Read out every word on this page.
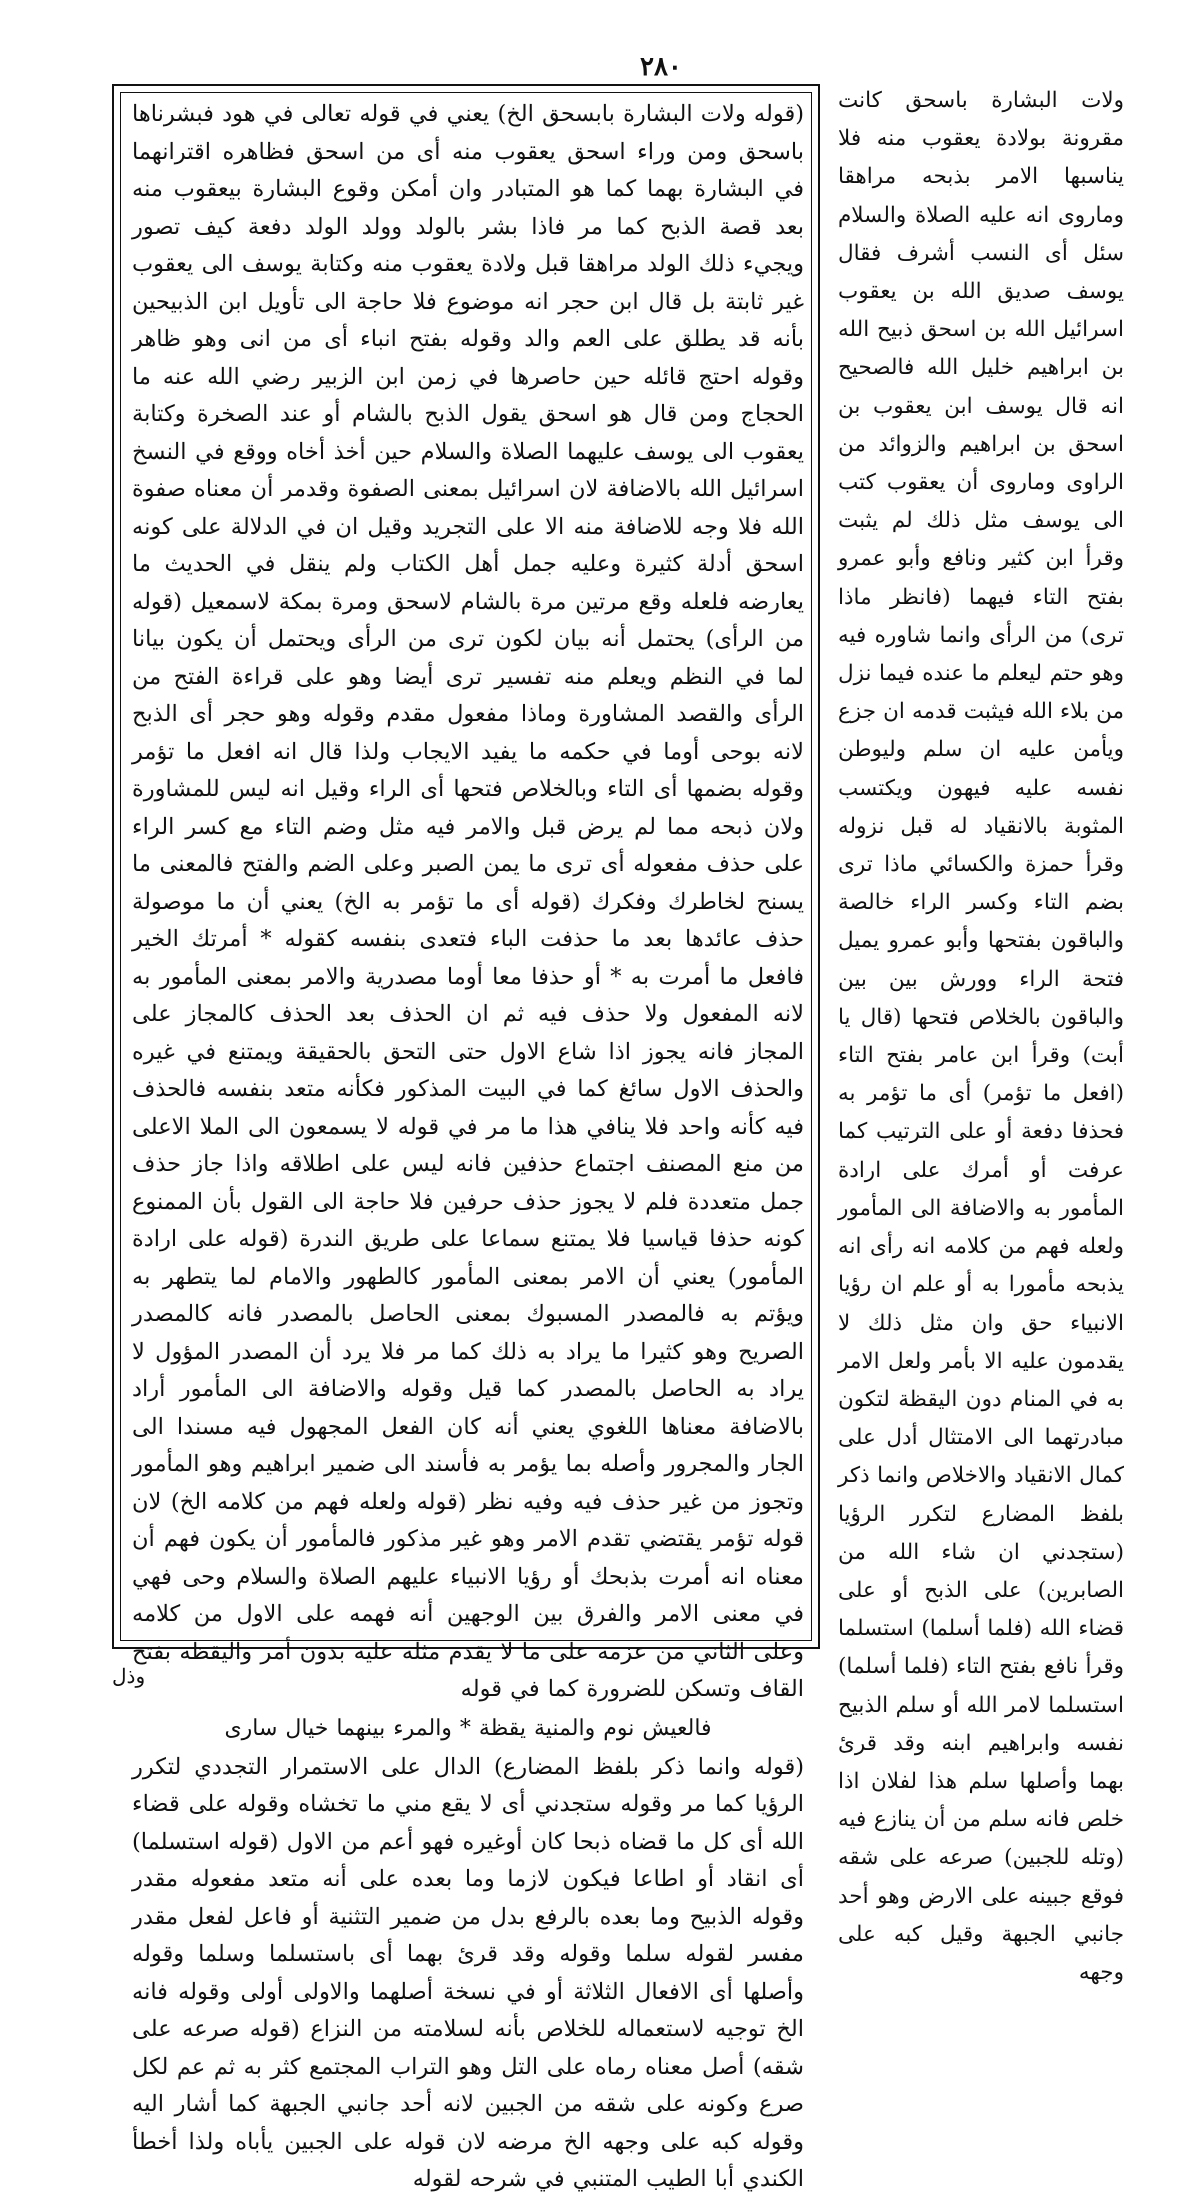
٢٨٠
(قوله ولات البشارة بابسحق الخ) يعني في قوله تعالى في هود فبشرناها باسحق ومن وراء اسحق يعقوب منه أى من اسحق فظاهره اقترانهما في البشارة بهما كما هو المتبادر وان أمكن وقوع البشارة بيعقوب منه بعد قصة الذبح كما مر فاذا بشر بالولد وولد الولد دفعة كيف تصور ويجيء ذلك الولد مراهقا قبل ولادة يعقوب منه وكتابة يوسف الى يعقوب غير ثابتة بل قال ابن حجر انه موضوع فلا حاجة الى تأويل ابن الذبيحين بأنه قد يطلق على العم والد وقوله بفتح انباء أى من انى وهو ظاهر وقوله احتج قائله حين حاصرها في زمن ابن الزبير رضي الله عنه ما الحجاج ومن قال هو اسحق يقول الذبح بالشام أو عند الصخرة وكتابة يعقوب الى يوسف عليهما الصلاة والسلام حين أخذ أخاه ووقع في النسخ اسرائيل الله بالاضافة لان اسرائيل بمعنى الصفوة وقدمر أن معناه صفوة الله فلا وجه للاضافة منه الا على التجريد وقيل ان في الدلالة على كونه اسحق أدلة كثيرة وعليه جمل أهل الكتاب ولم ينقل في الحديث ما يعارضه فلعله وقع مرتين مرة بالشام لاسحق ومرة بمكة لاسمعيل (قوله من الرأى) يحتمل أنه بيان لكون ترى من الرأى ويحتمل أن يكون بيانا لما في النظم ويعلم منه تفسير ترى أيضا وهو على قراءة الفتح من الرأى والقصد المشاورة وماذا مفعول مقدم وقوله وهو حجر أى الذبح لانه بوحى أوما في حكمه ما يفيد الايجاب ولذا قال انه افعل ما تؤمر وقوله بضمها أى التاء وبالخلاص فتحها أى الراء وقيل انه ليس للمشاورة ولان ذبحه مما لم يرض قبل والامر فيه مثل وضم التاء مع كسر الراء على حذف مفعوله أى ترى ما يمن الصبر وعلى الضم والفتح فالمعنى ما يسنح لخاطرك وفكرك (قوله أى ما تؤمر به الخ) يعني أن ما موصولة حذف عائدها بعد ما حذفت الباء فتعدى بنفسه كقوله * أمرتك الخير فافعل ما أمرت به * أو حذفا معا أوما مصدرية والامر بمعنى المأمور به لانه المفعول ولا حذف فيه ثم ان الحذف بعد الحذف كالمجاز على المجاز فانه يجوز اذا شاع الاول حتى التحق بالحقيقة ويمتنع في غيره والحذف الاول سائغ كما في البيت المذكور فكأنه متعد بنفسه فالحذف فيه كأنه واحد فلا ينافي هذا ما مر في قوله لا يسمعون الى الملا الاعلى من منع المصنف اجتماع حذفين فانه ليس على اطلاقه واذا جاز حذف جمل متعددة فلم لا يجوز حذف حرفين فلا حاجة الى القول بأن الممنوع كونه حذفا قياسيا فلا يمتنع سماعا على طريق الندرة (قوله على ارادة المأمور) يعني أن الامر بمعنى المأمور كالطهور والامام لما يتطهر به ويؤتم به فالمصدر المسبوك بمعنى الحاصل بالمصدر فانه كالمصدر الصريح وهو كثيرا ما يراد به ذلك كما مر فلا يرد أن المصدر المؤول لا يراد به الحاصل بالمصدر كما قيل وقوله والاضافة الى المأمور أراد بالاضافة معناها اللغوي يعني أنه كان الفعل المجهول فيه مسندا الى الجار والمجرور وأصله بما يؤمر به فأسند الى ضمير ابراهيم وهو المأمور وتجوز من غير حذف فيه وفيه نظر (قوله ولعله فهم من كلامه الخ) لان قوله تؤمر يقتضي تقدم الامر وهو غير مذكور فالمأمور أن يكون فهم أن معناه انه أمرت بذبحك أو رؤيا الانبياء عليهم الصلاة والسلام وحى فهي في معنى الامر والفرق بين الوجهين أنه فهمه على الاول من كلامه وعلى الثاني من عزمه على ما لا يقدم مثله عليه بدون أمر واليقظة بفتح القاف وتسكن للضرورة كما في قوله
فالعيش نوم والمنية يقظة * والمرء بينهما خيال سارى
(قوله وانما ذكر بلفظ المضارع) الدال على الاستمرار التجددي لتكرر الرؤيا كما مر وقوله ستجدني أى لا يقع مني ما تخشاه وقوله على قضاء الله أى كل ما قضاه ذبحا كان أوغيره فهو أعم من الاول (قوله استسلما) أى انقاد أو اطاعا فيكون لازما وما بعده على أنه متعد مفعوله مقدر وقوله الذبيح وما بعده بالرفع بدل من ضمير التثنية أو فاعل لفعل مقدر مفسر لقوله سلما وقوله وقد قرئ بهما أى باستسلما وسلما وقوله وأصلها أى الافعال الثلاثة أو في نسخة أصلهما والاولى أولى وقوله فانه الخ توجيه لاستعماله للخلاص بأنه لسلامته من النزاع (قوله صرعه على شقه) أصل معناه رماه على التل وهو التراب المجتمع كثر به ثم عم لكل صرع وكونه على شقه من الجبين لانه أحد جانبي الجبهة كما أشار اليه وقوله كبه على وجهه الخ مرضه لان قوله على الجبين يأباه ولذا أخطأ الكندي أبا الطيب المتنبي في شرحه لقوله
ولات البشارة باسحق كانت مقرونة بولادة يعقوب منه فلا يناسبها الامر بذبحه مراهقا وماروى انه عليه الصلاة والسلام سئل أى النسب أشرف فقال يوسف صديق الله بن يعقوب اسرائيل الله بن اسحق ذبيح الله بن ابراهيم خليل الله فالصحيح انه قال يوسف ابن يعقوب بن اسحق بن ابراهيم والزوائد من الراوى وماروى أن يعقوب كتب الى يوسف مثل ذلك لم يثبت وقرأ ابن كثير ونافع وأبو عمرو بفتح التاء فيهما (فانظر ماذا ترى) من الرأى وانما شاوره فيه وهو حتم ليعلم ما عنده فيما نزل من بلاء الله فيثبت قدمه ان جزع ويأمن عليه ان سلم وليوطن نفسه عليه فيهون ويكتسب المثوبة بالانقياد له قبل نزوله وقرأ حمزة والكسائي ماذا ترى بضم التاء وكسر الراء خالصة والباقون بفتحها وأبو عمرو يميل فتحة الراء وورش بين بين والباقون بالخلاص فتحها (قال يا أبت) وقرأ ابن عامر بفتح التاء (افعل ما تؤمر) أى ما تؤمر به فحذفا دفعة أو على الترتيب كما عرفت أو أمرك على ارادة المأمور به والاضافة الى المأمور ولعله فهم من كلامه انه رأى انه يذبحه مأمورا به أو علم ان رؤيا الانبياء حق وان مثل ذلك لا يقدمون عليه الا بأمر ولعل الامر به في المنام دون اليقظة لتكون مبادرتهما الى الامتثال أدل على كمال الانقياد والاخلاص وانما ذكر بلفظ المضارع لتكرر الرؤيا (ستجدني ان شاء الله من الصابرين) على الذبح أو على قضاء الله (فلما أسلما) استسلما وقرأ نافع بفتح التاء (فلما أسلما) استسلما لامر الله أو سلم الذبيح نفسه وابراهيم ابنه وقد قرئ بهما وأصلها سلم هذا لفلان اذا خلص فانه سلم من أن ينازع فيه (وتله للجبين) صرعه على شقه فوقع جبينه على الارض وهو أحد جانبي الجبهة وقيل كبه على وجهه
وذل
